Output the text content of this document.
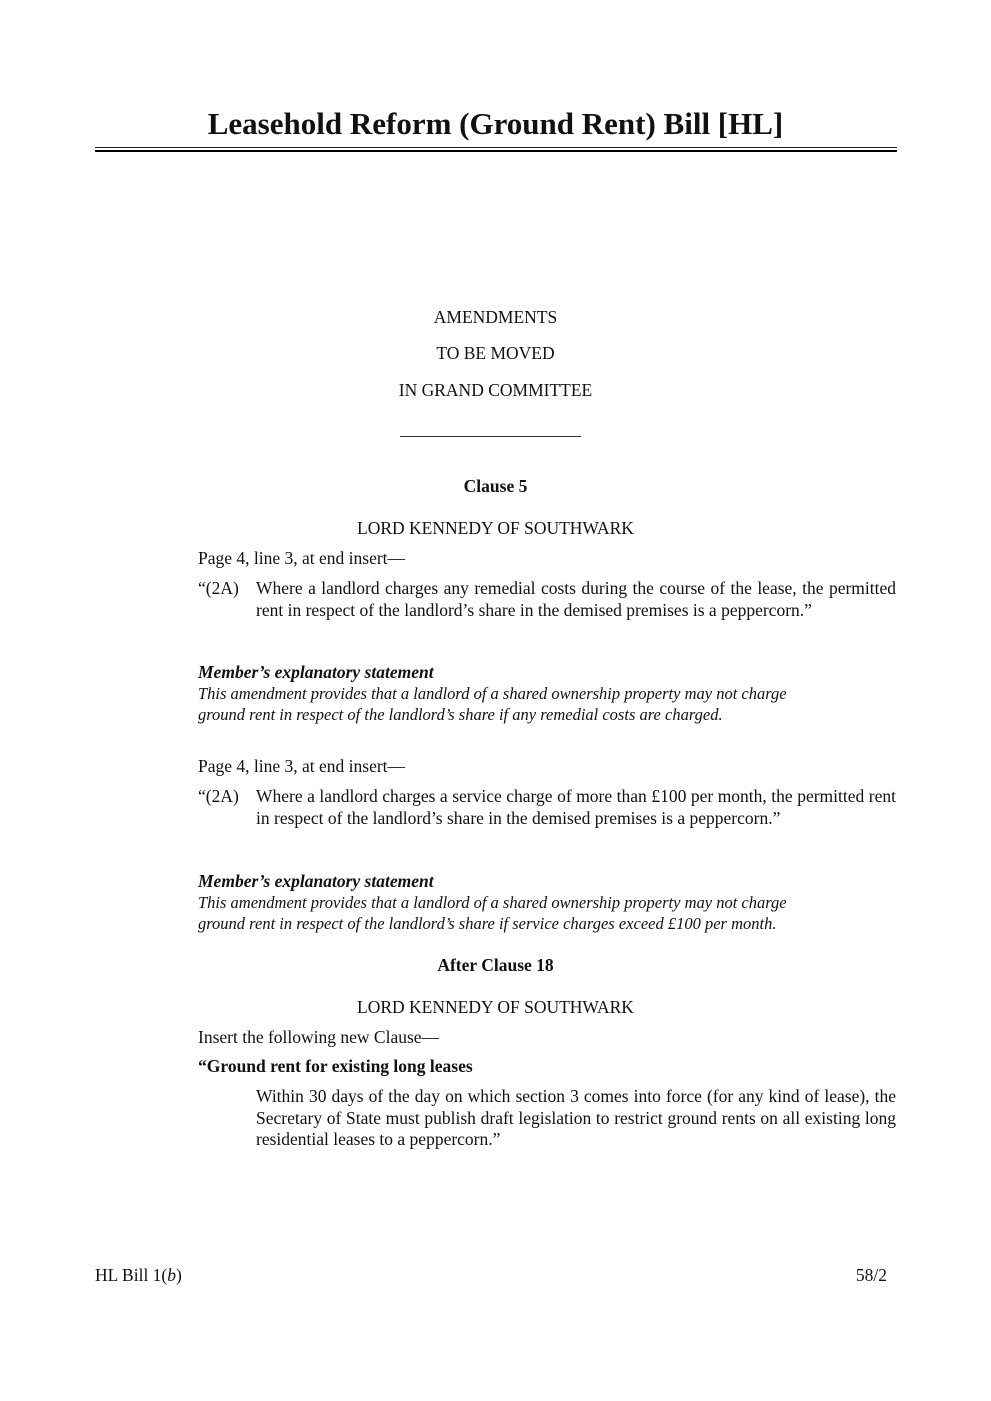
Leasehold Reform (Ground Rent) Bill [HL]
AMENDMENTS
TO BE MOVED
IN GRAND COMMITTEE
Clause 5
LORD KENNEDY OF SOUTHWARK
Page 4, line 3, at end insert—
“(2A) Where a landlord charges any remedial costs during the course of the lease, the permitted rent in respect of the landlord’s share in the demised premises is a peppercorn.”
Member’s explanatory statement
This amendment provides that a landlord of a shared ownership property may not charge
ground rent in respect of the landlord’s share if any remedial costs are charged.
Page 4, line 3, at end insert—
“(2A) Where a landlord charges a service charge of more than £100 per month, the permitted rent in respect of the landlord’s share in the demised premises is a peppercorn.”
Member’s explanatory statement
This amendment provides that a landlord of a shared ownership property may not charge
ground rent in respect of the landlord’s share if service charges exceed £100 per month.
After Clause 18
LORD KENNEDY OF SOUTHWARK
Insert the following new Clause—
“Ground rent for existing long leases
Within 30 days of the day on which section 3 comes into force (for any kind of lease), the Secretary of State must publish draft legislation to restrict ground rents on all existing long residential leases to a peppercorn.”
HL Bill 1(b)	58/2
